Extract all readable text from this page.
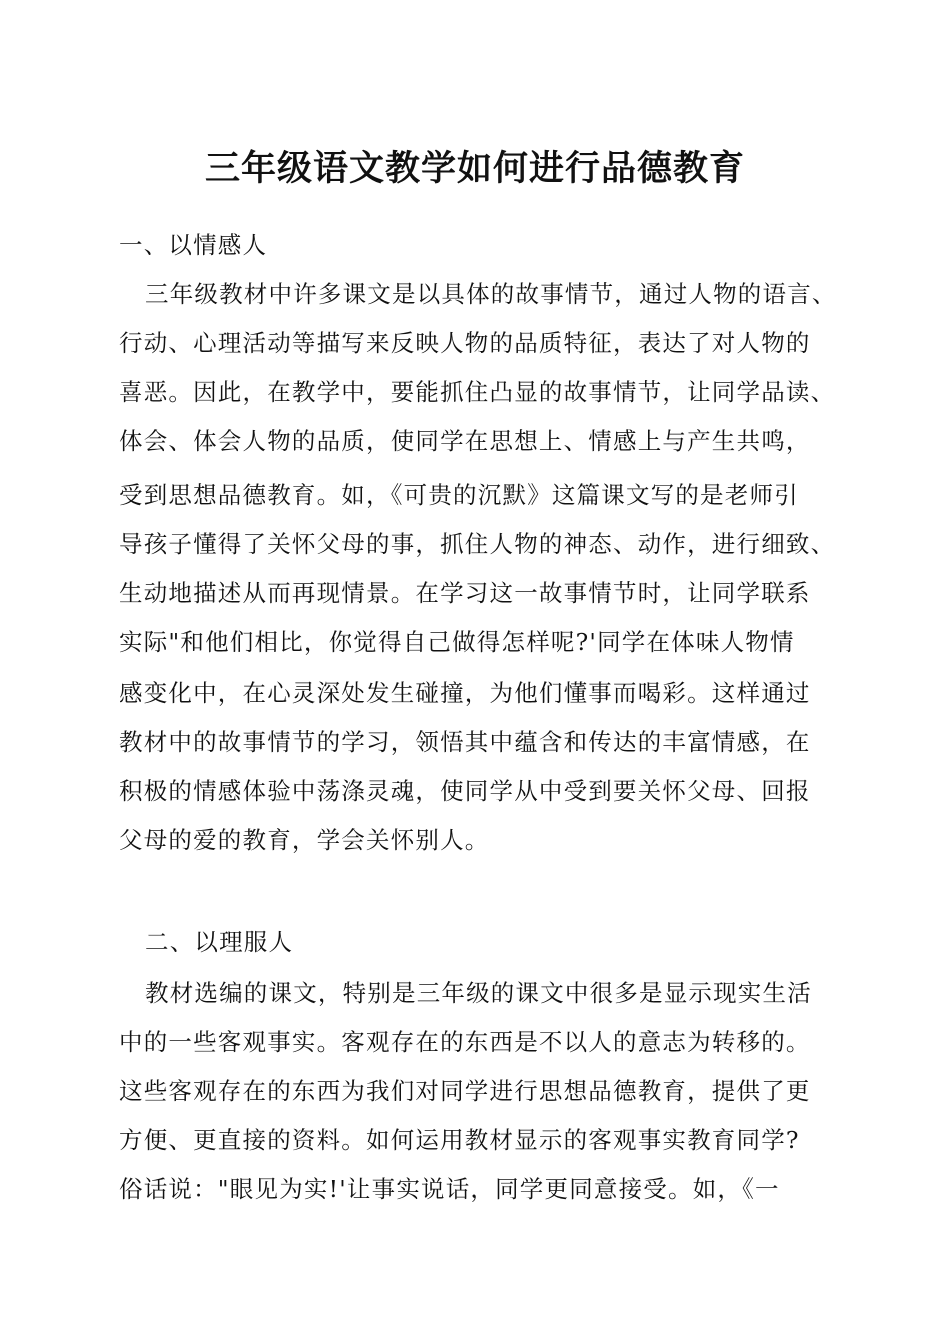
三年级语文教学如何进行品德教育
一、以情感人
三年级教材中许多课文是以具体的故事情节，通过人物的语言、
行动、心理活动等描写来反映人物的品质特征，表达了对人物的
喜恶。因此，在教学中，要能抓住凸显的故事情节，让同学品读、
体会、体会人物的品质，使同学在思想上、情感上与产生共鸣，
受到思想品德教育。如，《可贵的沉默》这篇课文写的是老师引
导孩子懂得了关怀父母的事，抓住人物的神态、动作，进行细致、
生动地描述从而再现情景。在学习这一故事情节时，让同学联系
实际"和他们相比，你觉得自己做得怎样呢?'同学在体味人物情
感变化中，在心灵深处发生碰撞，为他们懂事而喝彩。这样通过
教材中的故事情节的学习，领悟其中蕴含和传达的丰富情感，在
积极的情感体验中荡涤灵魂，使同学从中受到要关怀父母、回报
父母的爱的教育，学会关怀别人。
二、以理服人
教材选编的课文，特别是三年级的课文中很多是显示现实生活
中的一些客观事实。客观存在的东西是不以人的意志为转移的。
这些客观存在的东西为我们对同学进行思想品德教育，提供了更
方便、更直接的资料。如何运用教材显示的客观事实教育同学?
俗话说："眼见为实!'让事实说话，同学更同意接受。如，《一
